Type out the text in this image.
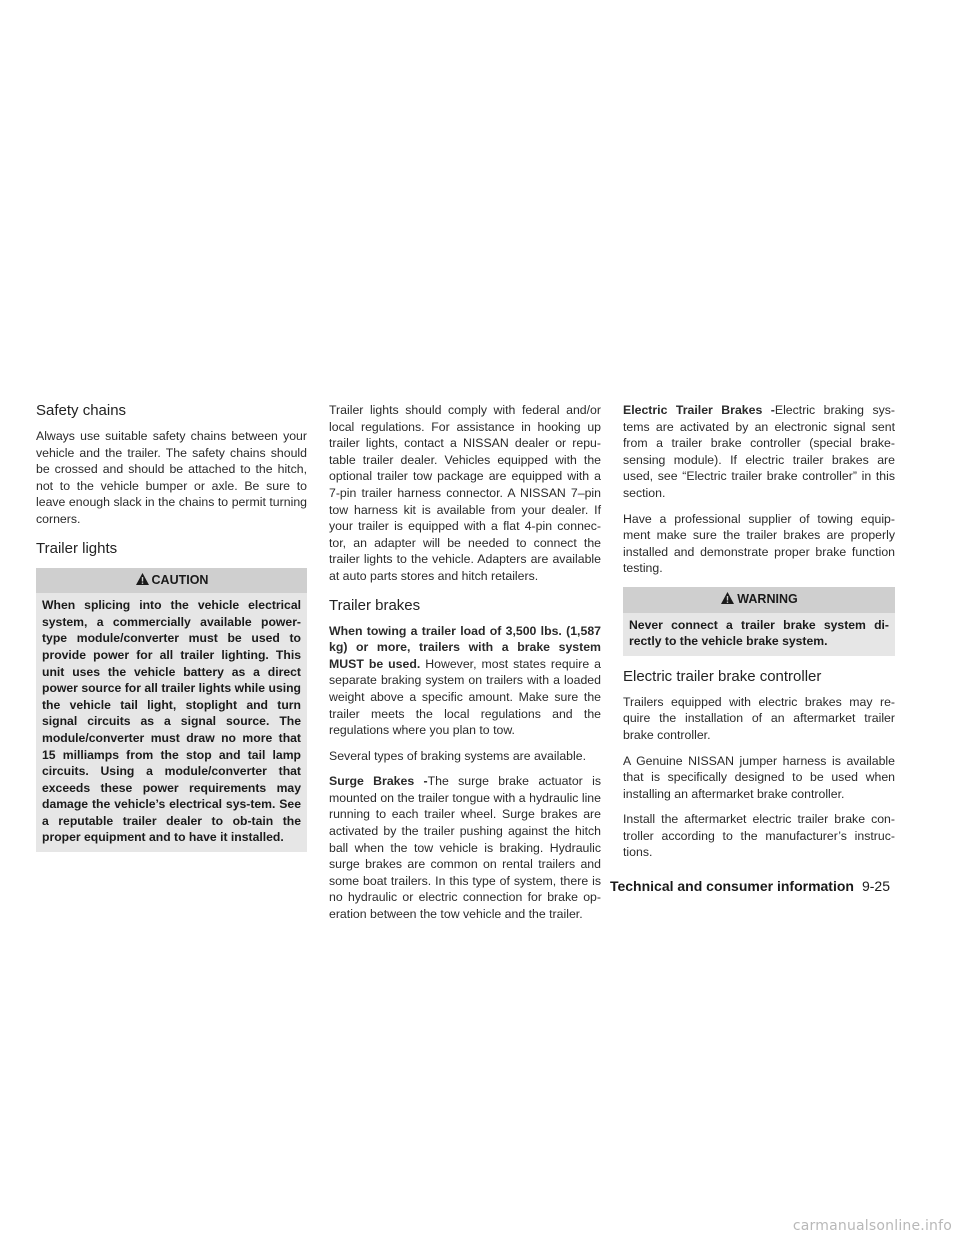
Safety chains

Always use suitable safety chains between your vehicle and the trailer. The safety chains should be crossed and should be attached to the hitch, not to the vehicle bumper or axle. Be sure to leave enough slack in the chains to permit turning corners.

Trailer lights
CAUTION
When splicing into the vehicle electrical system, a commercially available power-type module/converter must be used to provide power for all trailer lighting. This unit uses the vehicle battery as a direct power source for all trailer lights while using the vehicle tail light, stoplight and turn signal circuits as a signal source. The module/converter must draw no more that 15 milliamps from the stop and tail lamp circuits. Using a module/converter that exceeds these power requirements may damage the vehicle’s electrical sys-tem. See a reputable trailer dealer to ob-tain the proper equipment and to have it installed.

Trailer lights should comply with federal and/or local regulations. For assistance in hooking up trailer lights, contact a NISSAN dealer or repu-table trailer dealer. Vehicles equipped with the optional trailer tow package are equipped with a 7-pin trailer harness connector. A NISSAN 7–pin tow harness kit is available from your dealer. If your trailer is equipped with a flat 4-pin connec-tor, an adapter will be needed to connect the trailer lights to the vehicle. Adapters are available at auto parts stores and hitch retailers.

Trailer brakes

When towing a trailer load of 3,500 lbs. (1,587 kg) or more, trailers with a brake system MUST be used. However, most states require a separate braking system on trailers with a loaded weight above a specific amount. Make sure the trailer meets the local regulations and the regulations where you plan to tow.

Several types of braking systems are available.

Surge Brakes -The surge brake actuator is mounted on the trailer tongue with a hydraulic line running to each trailer wheel. Surge brakes are activated by the trailer pushing against the hitch ball when the tow vehicle is braking. Hydraulic surge brakes are common on rental trailers and some boat trailers. In this type of system, there is no hydraulic or electric connection for brake op-eration between the tow vehicle and the trailer.

Electric Trailer Brakes -Electric braking sys-tems are activated by an electronic signal sent from a trailer brake controller (special brake-sensing module). If electric trailer brakes are used, see “Electric trailer brake controller” in this section.

Have a professional supplier of towing equip-ment make sure the trailer brakes are properly installed and demonstrate proper brake function testing.

WARNING
Never connect a trailer brake system di-rectly to the vehicle brake system.
Electric trailer brake controller

Trailers equipped with electric brakes may re-quire the installation of an aftermarket trailer brake controller.

A Genuine NISSAN jumper harness is available that is specifically designed to be used when installing an aftermarket brake controller.

Install the aftermarket electric trailer brake con-troller according to the manufacturer’s instruc-tions.

Technical and consumer information 9-25
carmanualsonline.info
